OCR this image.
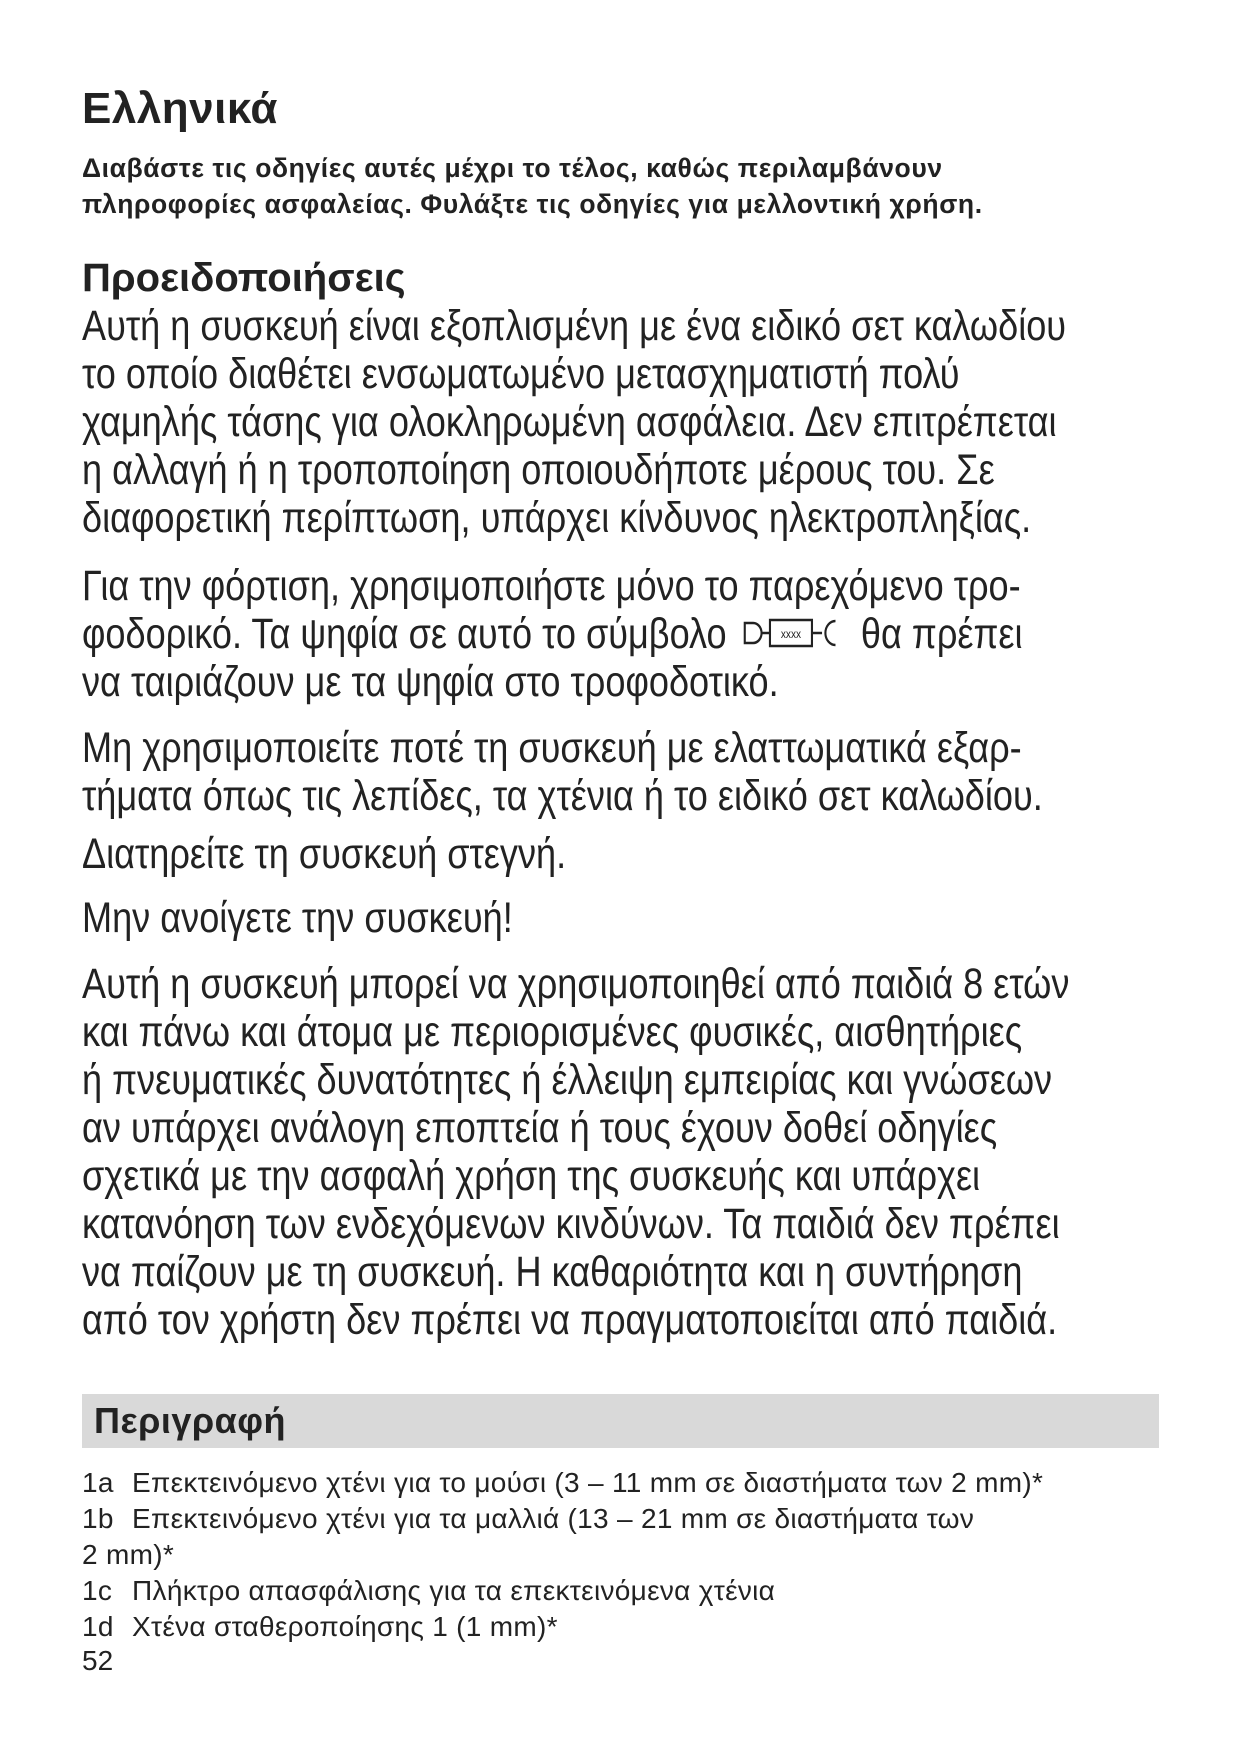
Ελληνικά
Διαβάστε τις οδηγίες αυτές μέχρι το τέλος, καθώς περιλαμβάνουν
πληροφορίες ασφαλείας. Φυλάξτε τις οδηγίες για μελλοντική χρήση.
Προειδοποιήσεις

Αυτή η συσκευή είναι εξοπλισμένη με ένα ειδικό σετ καλωδίου

το οποίο διαθέτει ενσωματωμένο μετασχηματιστή πολύ

χαμηλής τάσης για ολοκληρωμένη ασφάλεια. Δεν επιτρέπεται

η αλλαγή ή η τροποποίηση οποιουδήποτε μέρους του. Σε

διαφορετική περίπτωση, υπάρχει κίνδυνος ηλεκτροπληξίας.

Για την φόρτιση, χρησιμοποιήστε μόνο το παρεχόμενο τρο-

φοδορικό. Τα ψηφία σε αυτό το σύμβολο	xxxx θα πρέπει

να ταιριάζουν με τα ψηφία στο τροφοδοτικό.

Μη χρησιμοποιείτε ποτέ τη συσκευή με ελαττωματικά εξαρ-

τήματα όπως τις λεπίδες, τα χτένια ή το ειδικό σετ καλωδίου.

Διατηρείτε τη συσκευή στεγνή.

Μην ανοίγετε την συσκευή!

Αυτή η συσκευή μπορεί να χρησιμοποιηθεί από παιδιά 8 ετών

και πάνω και άτομα με περιορισμένες φυσικές, αισθητήριες

ή πνευματικές δυνατότητες ή έλλειψη εμπειρίας και γνώσεων

αν υπάρχει ανάλογη εποπτεία ή τους έχουν δοθεί οδηγίες

σχετικά με την ασφαλή χρήση της συσκευής και υπάρχει

κατανόηση των ενδεχόμενων κινδύνων. Τα παιδιά δεν πρέπει

να παίζουν με τη συσκευή. Η καθαριότητα και η συντήρηση

από τον χρήστη δεν πρέπει να πραγματοποιείται από παιδιά.

Περιγραφή
1a Επεκτεινόμενο χτένι για το μούσι (3 – 11 mm σε διαστήματα των 2 mm)*
1b Επεκτεινόμενο χτένι για τα μαλλιά (13 – 21 mm σε διαστήματα των
2 mm)*
1c Πλήκτρο απασφάλισης για τα επεκτεινόμενα χτένια
1d Χτένα σταθεροποίησης 1 (1 mm)*
52
